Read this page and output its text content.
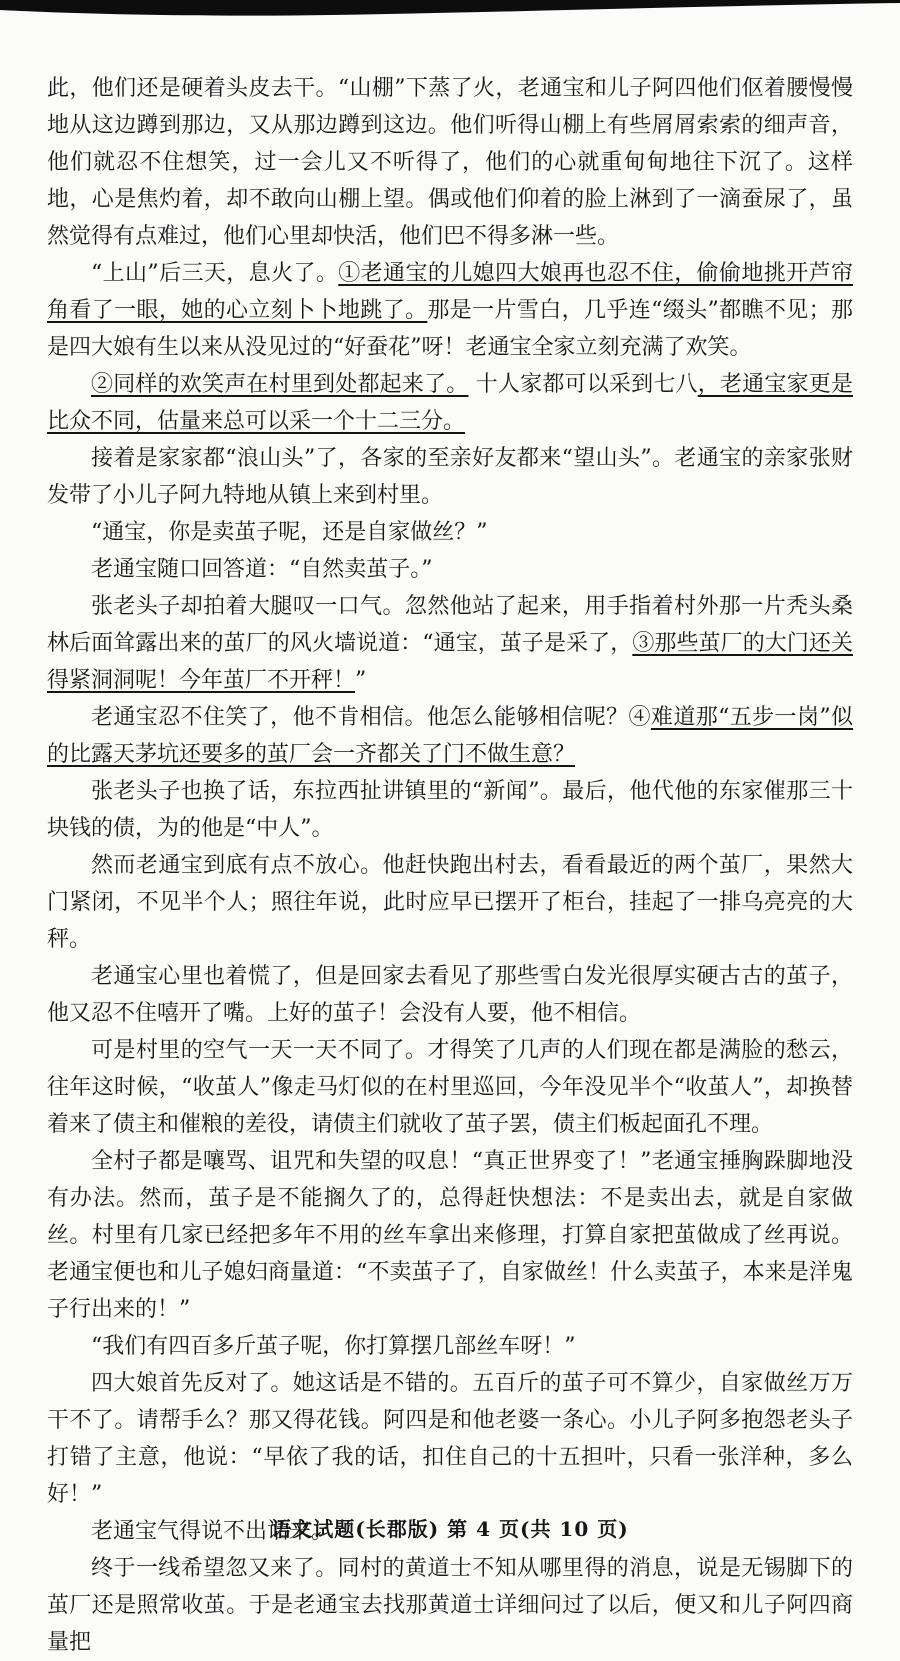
此，他们还是硬着头皮去干。“山棚”下蒸了火，老通宝和儿子阿四他们伛着腰慢慢地从这边蹲到那边，又从那边蹲到这边。他们听得山棚上有些屑屑索索的细声音，他们就忍不住想笑，过一会儿又不听得了，他们的心就重甸甸地往下沉了。这样地，心是焦灼着，却不敢向山棚上望。偶或他们仰着的脸上淋到了一滴蚕尿了，虽然觉得有点难过，他们心里却快活，他们巴不得多淋一些。

“上山”后三天，息火了。①老通宝的儿媳四大娘再也忍不住，偷偷地挑开芦帘角看了一眼，她的心立刻卜卜地跳了。那是一片雪白，几乎连“缀头”都瞧不见；那是四大娘有生以来从没见过的“好蚕花”呀！老通宝全家立刻充满了欢笑。

②同样的欢笑声在村里到处都起来了。 十人家都可以采到七八，老通宝家更是比众不同，估量来总可以采一个十二三分。

接着是家家都“浪山头”了，各家的至亲好友都来“望山头”。老通宝的亲家张财发带了小儿子阿九特地从镇上来到村里。

“通宝，你是卖茧子呢，还是自家做丝？”

老通宝随口回答道：“自然卖茧子。”

张老头子却拍着大腿叹一口气。忽然他站了起来，用手指着村外那一片秃头桑林后面耸露出来的茧厂的风火墙说道：“通宝，茧子是采了，③那些茧厂的大门还关得紧洞洞呢！今年茧厂不开秤！”

老通宝忍不住笑了，他不肯相信。他怎么能够相信呢？④难道那“五步一岗”似的比露天茅坑还要多的茧厂会一齐都关了门不做生意？

张老头子也换了话，东拉西扯讲镇里的“新闻”。最后，他代他的东家催那三十块钱的债，为的他是“中人”。

然而老通宝到底有点不放心。他赶快跑出村去，看看最近的两个茧厂，果然大门紧闭，不见半个人；照往年说，此时应早已摆开了柜台，挂起了一排乌亮亮的大秤。

老通宝心里也着慌了，但是回家去看见了那些雪白发光很厚实硬古古的茧子，他又忍不住嘻开了嘴。上好的茧子！会没有人要，他不相信。

可是村里的空气一天一天不同了。才得笑了几声的人们现在都是满脸的愁云，往年这时候，“收茧人”像走马灯似的在村里巡回，今年没见半个“收茧人”，却换替着来了债主和催粮的差役，请债主们就收了茧子罢，债主们板起面孔不理。

全村子都是嚷骂、诅咒和失望的叹息！“真正世界变了！”老通宝捶胸跺脚地没有办法。然而，茧子是不能搁久了的，总得赶快想法：不是卖出去，就是自家做丝。村里有几家已经把多年不用的丝车拿出来修理，打算自家把茧做成了丝再说。老通宝便也和儿子媳妇商量道：“不卖茧子了，自家做丝！什么卖茧子，本来是洋鬼子行出来的！”

“我们有四百多斤茧子呢，你打算摆几部丝车呀！”

四大娘首先反对了。她这话是不错的。五百斤的茧子可不算少，自家做丝万万干不了。请帮手么？那又得花钱。阿四是和他老婆一条心。小儿子阿多抱怨老头子打错了主意，他说：“早依了我的话，扣住自己的十五担叶，只看一张洋种，多么好！”

老通宝气得说不出话来。

终于一线希望忽又来了。同村的黄道士不知从哪里得的消息，说是无锡脚下的茧厂还是照常收茧。于是老通宝去找那黄道士详细问过了以后，便又和儿子阿四商量把

语文试题(长郡版) 第 4 页(共 10 页)
